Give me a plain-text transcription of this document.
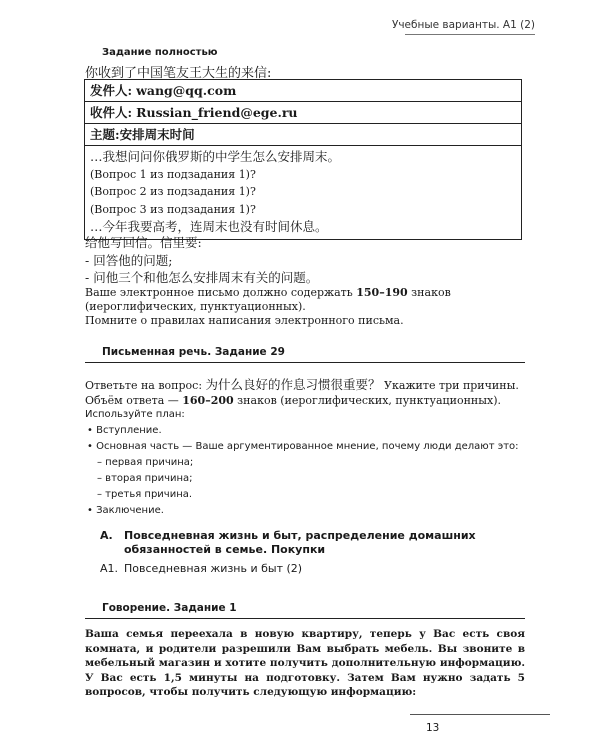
Учебные варианты. А1 (2)
Задание полностью
你收到了中国笔友王大生的来信:
发件人: wang@qq.com
收件人: Russian_friend@ege.ru
主题:安排周末时间
…我想问问你俄罗斯的中学生怎么安排周末。
(Вопрос 1 из подзадания 1)?
(Вопрос 2 из подзадания 1)?
(Вопрос 3 из подзадания 1)?
…今年我要高考，连周末也没有时间休息。
给他写回信。信里要:
- 回答他的问题;
- 问他三个和他怎么安排周末有关的问题。
Ваше электронное письмо должно содержать 150–190 знаков (иероглифических, пунктуационных).
Помните о правилах написания электронного письма.
Письменная речь. Задание 29
Ответьте на вопрос: 为什么良好的作息习惯很重要？ Укажите три причины. Объём ответа — 160–200 знаков (иероглифических, пунктуационных).
Используйте план:
• Вступление.
• Основная часть — Ваше аргументированное мнение, почему люди делают это:
– первая причина;
– вторая причина;
– третья причина.
• Заключение.
А. Повседневная жизнь и быт, распределение домашних обязанностей в семье. Покупки
А1. Повседневная жизнь и быт (2)
Говорение. Задание 1
Ваша семья переехала в новую квартиру, теперь у Вас есть своя комната, и родители разрешили Вам выбрать мебель. Вы звоните в мебельный магазин и хотите получить дополнительную информацию. У Вас есть 1,5 минуты на подготовку. Затем Вам нужно задать 5 вопросов, чтобы получить следующую информацию:
13
